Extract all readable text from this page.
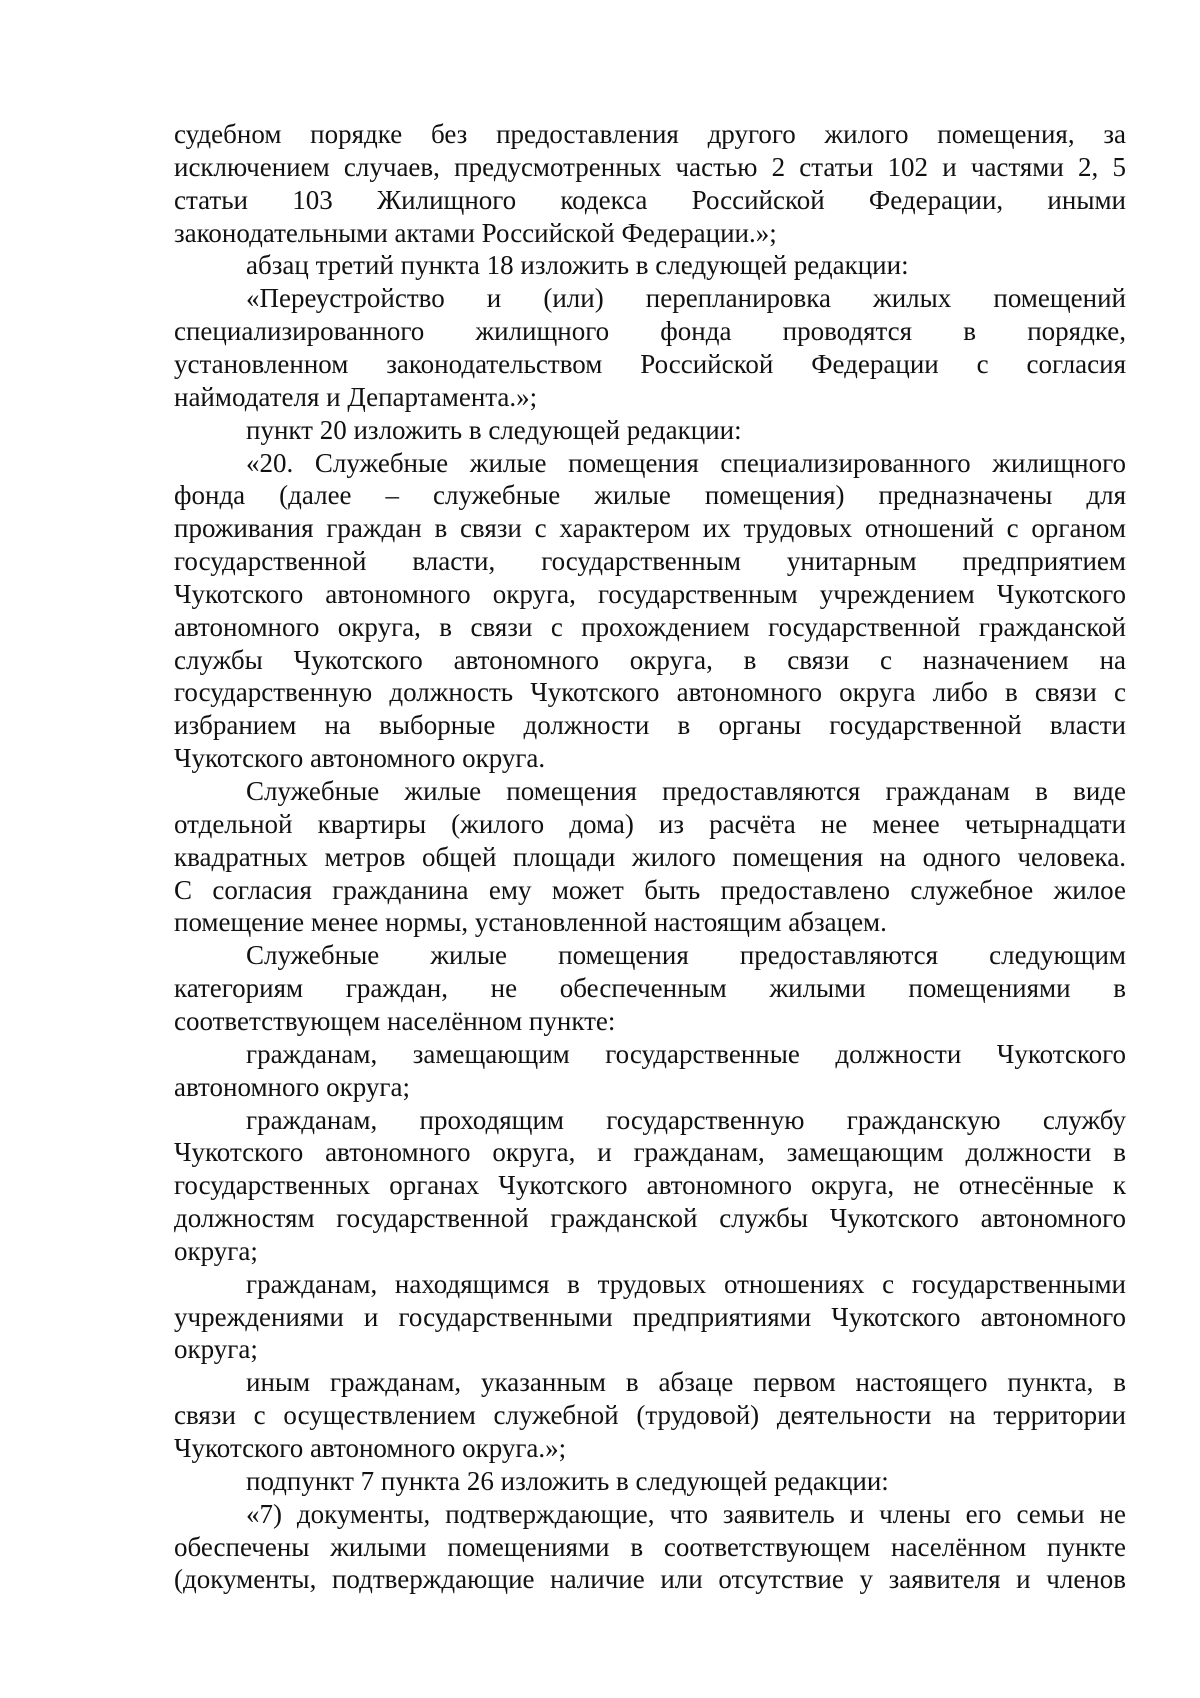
судебном порядке без предоставления другого жилого помещения, за
исключением случаев, предусмотренных частью 2 статьи 102 и частями 2, 5
статьи 103 Жилищного кодекса Российской Федерации, иными
законодательными актами Российской Федерации.»;
абзац третий пункта 18 изложить в следующей редакции:
«Переустройство и (или) перепланировка жилых помещений
специализированного жилищного фонда проводятся в порядке,
установленном законодательством Российской Федерации с согласия
наймодателя и Департамента.»;
пункт 20 изложить в следующей редакции:
«20. Служебные жилые помещения специализированного жилищного
фонда (далее – служебные жилые помещения) предназначены для
проживания граждан в связи с характером их трудовых отношений с органом
государственной власти, государственным унитарным предприятием
Чукотского автономного округа, государственным учреждением Чукотского
автономного округа, в связи с прохождением государственной гражданской
службы Чукотского автономного округа, в связи с назначением на
государственную должность Чукотского автономного округа либо в связи с
избранием на выборные должности в органы государственной власти
Чукотского автономного округа.
Служебные жилые помещения предоставляются гражданам в виде
отдельной квартиры (жилого дома) из расчёта не менее четырнадцати
квадратных метров общей площади жилого помещения на одного человека.
С согласия гражданина ему может быть предоставлено служебное жилое
помещение менее нормы, установленной настоящим абзацем.
Служебные жилые помещения предоставляются следующим
категориям граждан, не обеспеченным жилыми помещениями в
соответствующем населённом пункте:
гражданам, замещающим государственные должности Чукотского
автономного округа;
гражданам, проходящим государственную гражданскую службу
Чукотского автономного округа, и гражданам, замещающим должности в
государственных органах Чукотского автономного округа, не отнесённые к
должностям государственной гражданской службы Чукотского автономного
округа;
гражданам, находящимся в трудовых отношениях с государственными
учреждениями и государственными предприятиями Чукотского автономного
округа;
иным гражданам, указанным в абзаце первом настоящего пункта, в
связи с осуществлением служебной (трудовой) деятельности на территории
Чукотского автономного округа.»;
подпункт 7 пункта 26 изложить в следующей редакции:
«7) документы, подтверждающие, что заявитель и члены его семьи не
обеспечены жилыми помещениями в соответствующем населённом пункте
(документы, подтверждающие наличие или отсутствие у заявителя и членов
